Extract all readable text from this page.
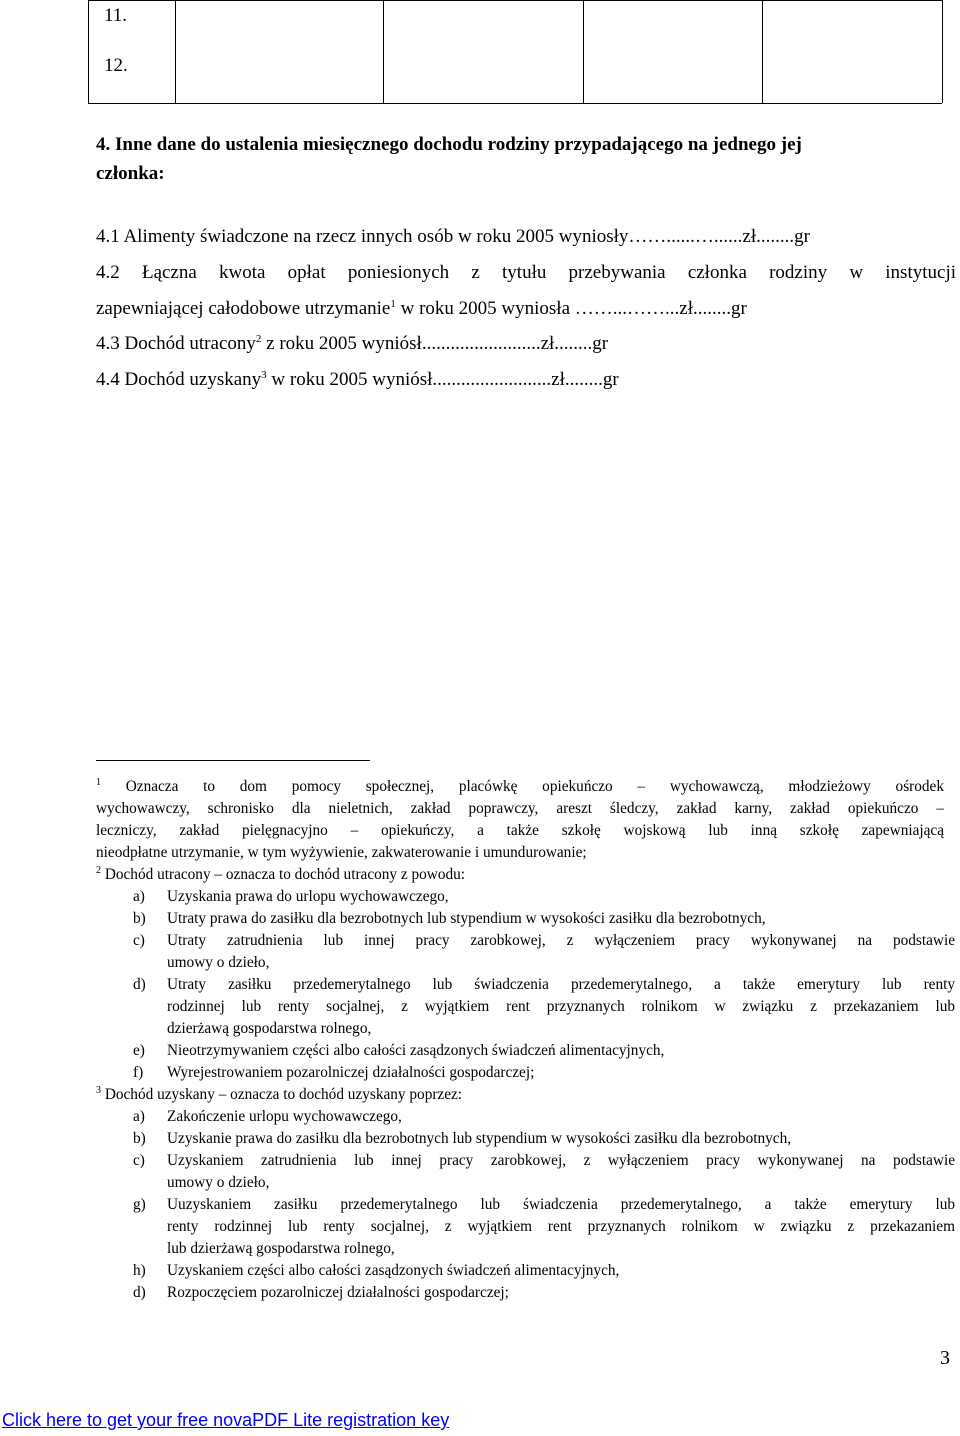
11.
12.
4. Inne dane do ustalenia miesięcznego dochodu rodziny przypadającego na jednego jej
członka:
4.1 Alimenty świadczone na rzecz innych osób w roku 2005 wyniosły……......…......zł........gr
4.2 Łączna kwota opłat poniesionych z tytułu przebywania członka rodziny w instytucji
zapewniającej całodobowe utrzymanie$^1$ w roku 2005 wyniosła ……...……...zł........gr
4.3 Dochód utracony$^2$ z roku 2005 wyniósł.........................zł........gr
4.4 Dochód uzyskany$^3$ w roku 2005 wyniósł.........................zł........gr
$^1$ Oznacza to dom pomocy społecznej, placówkę opiekuńczo – wychowawczą, młodzieżowy ośrodek
wychowawczy, schronisko dla nieletnich, zakład poprawczy, areszt śledczy, zakład karny, zakład opiekuńczo –
leczniczy, zakład pielęgnacyjno – opiekuńczy, a także szkołę wojskową lub inną szkołę zapewniającą
nieodpłatne utrzymanie, w tym wyżywienie, zakwaterowanie i umundurowanie;
$^2$ Dochód utracony – oznacza to dochód utracony z powodu:
a) Uzyskania prawa do urlopu wychowawczego,
b) Utraty prawa do zasiłku dla bezrobotnych lub stypendium w wysokości zasiłku dla bezrobotnych,
c) Utraty zatrudnienia lub innej pracy zarobkowej, z wyłączeniem pracy wykonywanej na podstawie
umowy o dzieło,
d) Utraty zasiłku przedemerytalnego lub świadczenia przedemerytalnego, a także emerytury lub renty
rodzinnej lub renty socjalnej, z wyjątkiem rent przyznanych rolnikom w związku z przekazaniem lub
dzierżawą gospodarstwa rolnego,
e) Nieotrzymywaniem części albo całości zasądzonych świadczeń alimentacyjnych,
f) Wyrejestrowaniem pozarolniczej działalności gospodarczej;
$^3$ Dochód uzyskany – oznacza to dochód uzyskany poprzez:
a) Zakończenie urlopu wychowawczego,
b) Uzyskanie prawa do zasiłku dla bezrobotnych lub stypendium w wysokości zasiłku dla bezrobotnych,
c) Uzyskaniem zatrudnienia lub innej pracy zarobkowej, z wyłączeniem pracy wykonywanej na podstawie
umowy o dzieło,
g) Uuzyskaniem zasiłku przedemerytalnego lub świadczenia przedemerytalnego, a także emerytury lub
renty rodzinnej lub renty socjalnej, z wyjątkiem rent przyznanych rolnikom w związku z przekazaniem
lub dzierżawą gospodarstwa rolnego,
h) Uzyskaniem części albo całości zasądzonych świadczeń alimentacyjnych,
d) Rozpoczęciem pozarolniczej działalności gospodarczej;
3
Click here to get your free novaPDF Lite registration key
